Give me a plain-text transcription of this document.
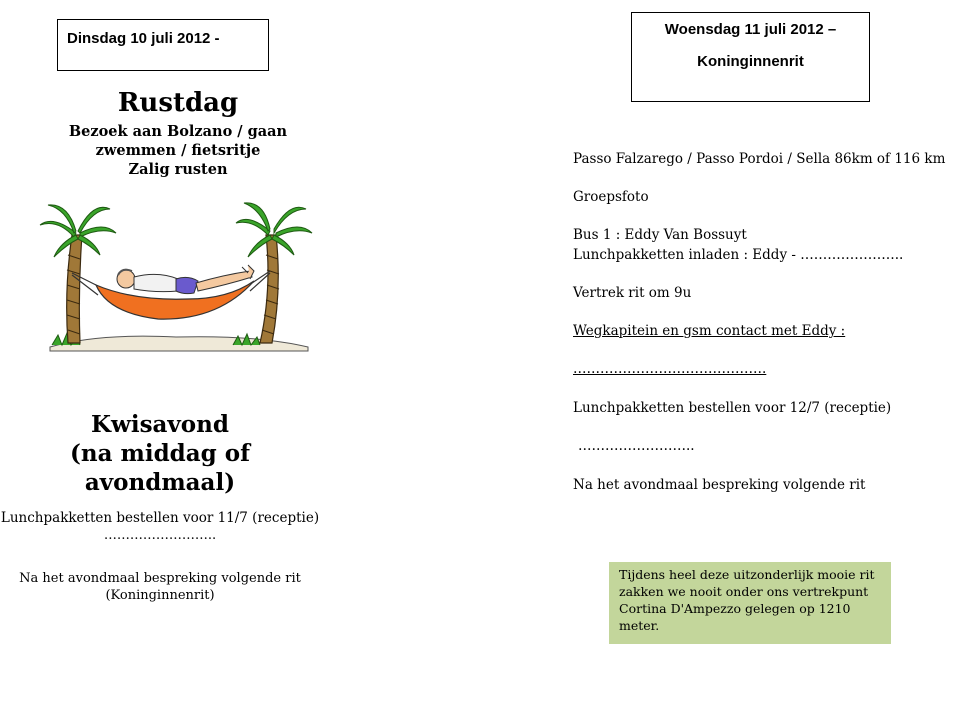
Dinsdag 10 juli 2012 -
Rustdag
Bezoek aan Bolzano / gaan
zwemmen / fietsritje
Zalig rusten
Kwisavond
(na middag of avondmaal)
Lunchpakketten bestellen voor 11/7 (receptie)
……………………..
Na het avondmaal bespreking volgende rit
(Koninginnenrit)
Woensdag 11 juli 2012 –
Koninginnenrit
Passo Falzarego / Passo Pordoi / Sella 86km of 116 km
Groepsfoto
Bus 1 : Eddy Van Bossuyt
Lunchpakketten inladen : Eddy - …………………..
Vertrek rit om 9u
Wegkapitein en gsm contact met Eddy :
…………………………………….
Lunchpakketten bestellen voor 12/7 (receptie)
……………………..
Na het avondmaal bespreking volgende rit
Tijdens heel deze uitzonderlijk mooie rit
zakken we nooit onder ons vertrekpunt
Cortina D'Ampezzo gelegen op 1210
meter.
